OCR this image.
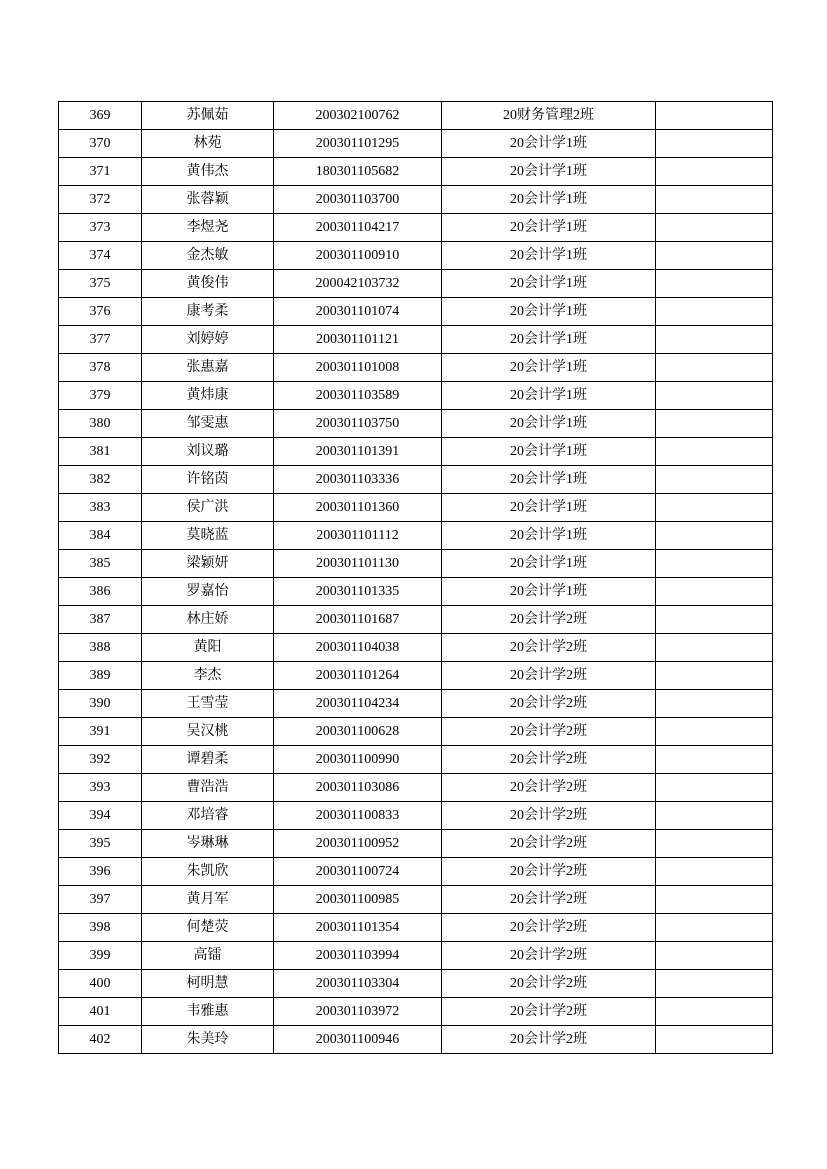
369	苏佩茹	200302100762	20财务管理2班	
370	林苑	200301101295	20会计学1班	
371	黄伟杰	180301105682	20会计学1班	
372	张蓉颖	200301103700	20会计学1班	
373	李煜尧	200301104217	20会计学1班	
374	金杰敏	200301100910	20会计学1班	
375	黄俊伟	200042103732	20会计学1班	
376	康考柔	200301101074	20会计学1班	
377	刘婷婷	200301101121	20会计学1班	
378	张惠嘉	200301101008	20会计学1班	
379	黄炜康	200301103589	20会计学1班	
380	邹雯惠	200301103750	20会计学1班	
381	刘议璐	200301101391	20会计学1班	
382	许铭茵	200301103336	20会计学1班	
383	侯广洪	200301101360	20会计学1班	
384	莫晓蓝	200301101112	20会计学1班	
385	梁颖妍	200301101130	20会计学1班	
386	罗嘉怡	200301101335	20会计学1班	
387	林庄娇	200301101687	20会计学2班	
388	黄阳	200301104038	20会计学2班	
389	李杰	200301101264	20会计学2班	
390	王雪莹	200301104234	20会计学2班	
391	吴汉桃	200301100628	20会计学2班	
392	谭碧柔	200301100990	20会计学2班	
393	曹浩浩	200301103086	20会计学2班	
394	邓培睿	200301100833	20会计学2班	
395	岑琳琳	200301100952	20会计学2班	
396	朱凯欣	200301100724	20会计学2班	
397	黄月军	200301100985	20会计学2班	
398	何楚荧	200301101354	20会计学2班	
399	高镭	200301103994	20会计学2班	
400	柯明慧	200301103304	20会计学2班	
401	韦雅惠	200301103972	20会计学2班	
402	朱美玲	200301100946	20会计学2班	
